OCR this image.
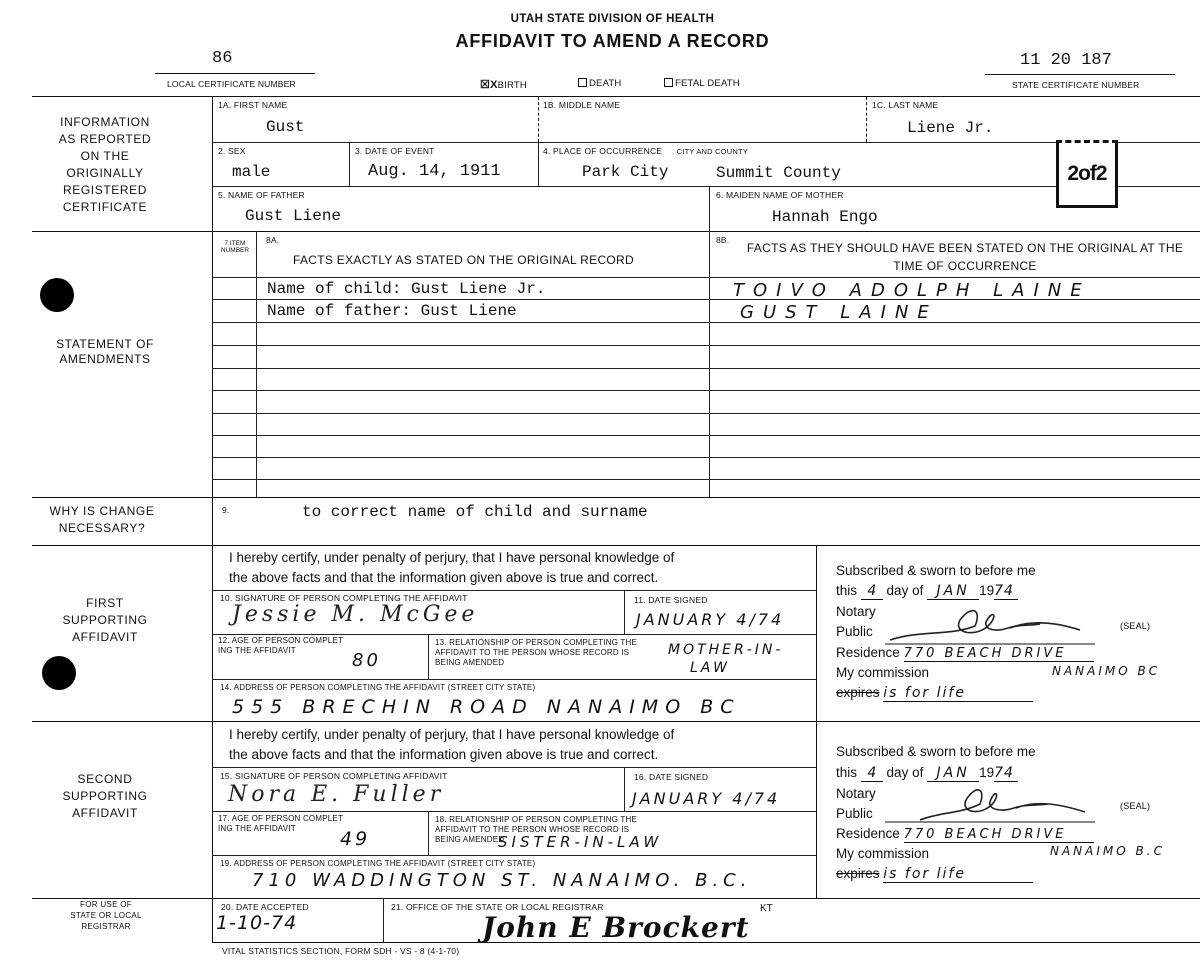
UTAH STATE DIVISION OF HEALTH
AFFIDAVIT TO AMEND A RECORD
86
LOCAL CERTIFICATE NUMBER
11 20 187
STATE CERTIFICATE NUMBER
☒XBIRTH	DEATH	FETAL DEATH
INFORMATION AS REPORTED ON THE ORIGINALLY REGISTERED CERTIFICATE
1A. FIRST NAME
Gust
1B. MIDDLE NAME	1C. LAST NAME
Liene Jr.
2. SEX
male
3. DATE OF EVENT
Aug. 14, 1911
4. PLACE OF OCCURRENCE CITY AND COUNTY
Park City	Summit County	2of2
5. NAME OF FATHER
Gust Liene
6. MAIDEN NAME OF MOTHER
Hannah Engo
STATEMENT OF AMENDMENTS
7 ITEM NUMBER
8A.
FACTS EXACTLY AS STATED ON THE ORIGINAL RECORD
8B.
FACTS AS THEY SHOULD HAVE BEEN STATED ON THE ORIGINAL AT THE TIME OF OCCURRENCE
Name of child: Gust Liene Jr.	TOIVO ADOLPH LAINE
Name of father: Gust Liene	GUST LAINE
WHY IS CHANGE NECESSARY?
9.	to correct name of child and surname
FIRST SUPPORTING AFFIDAVIT
I hereby certify, under penalty of perjury, that I have personal knowledge of
the above facts and that the information given above is true and correct.
10. SIGNATURE OF PERSON COMPLETING THE AFFIDAVIT
Jessie M. McGee
11. DATE SIGNED
JANUARY 4/74
12. AGE OF PERSON COMPLET
ING THE AFFIDAVIT	80
13. RELATIONSHIP OF PERSON COMPLETING THE
AFFIDAVIT TO THE PERSON WHOSE RECORD IS
BEING AMENDED
MOTHER-IN-
LAW
14. ADDRESS OF PERSON COMPLETING THE AFFIDAVIT (STREET CITY STATE)
555 BRECHIN ROAD NANAIMO BC
Subscribed & sworn to before me
this 4 day of JAN 1974
Notary
Public	(SEAL)
Residence 770 BEACH DRIVE
My commission	NANAIMO BC
expires is for life
SECOND SUPPORTING AFFIDAVIT
I hereby certify, under penalty of perjury, that I have personal knowledge of
the above facts and that the information given above is true and correct.
15. SIGNATURE OF PERSON COMPLETING AFFIDAVIT
Nora E. Fuller
16. DATE SIGNED
JANUARY 4/74
17. AGE OF PERSON COMPLET
ING THE AFFIDAVIT	49
18. RELATIONSHIP OF PERSON COMPLETING THE
AFFIDAVIT TO THE PERSON WHOSE RECORD IS
BEING AMENDED
SISTER-IN-LAW
19. ADDRESS OF PERSON COMPLETING THE AFFIDAVIT (STREET CITY STATE)
710 WADDINGTON ST. NANAIMO. B.C.
Subscribed & sworn to before me
this 4 day of JAN 1974
Notary
Public	(SEAL)
Residence 770 BEACH DRIVE
My commission	NANAIMO B.C
expires is for life
FOR USE OF STATE OR LOCAL REGISTRAR
20. DATE ACCEPTED
1-10-74
21. OFFICE OF THE STATE OR LOCAL REGISTRAR
John E Brockert
KT
VITAL STATISTICS SECTION, FORM SDH - VS - 8 (4-1-70)
